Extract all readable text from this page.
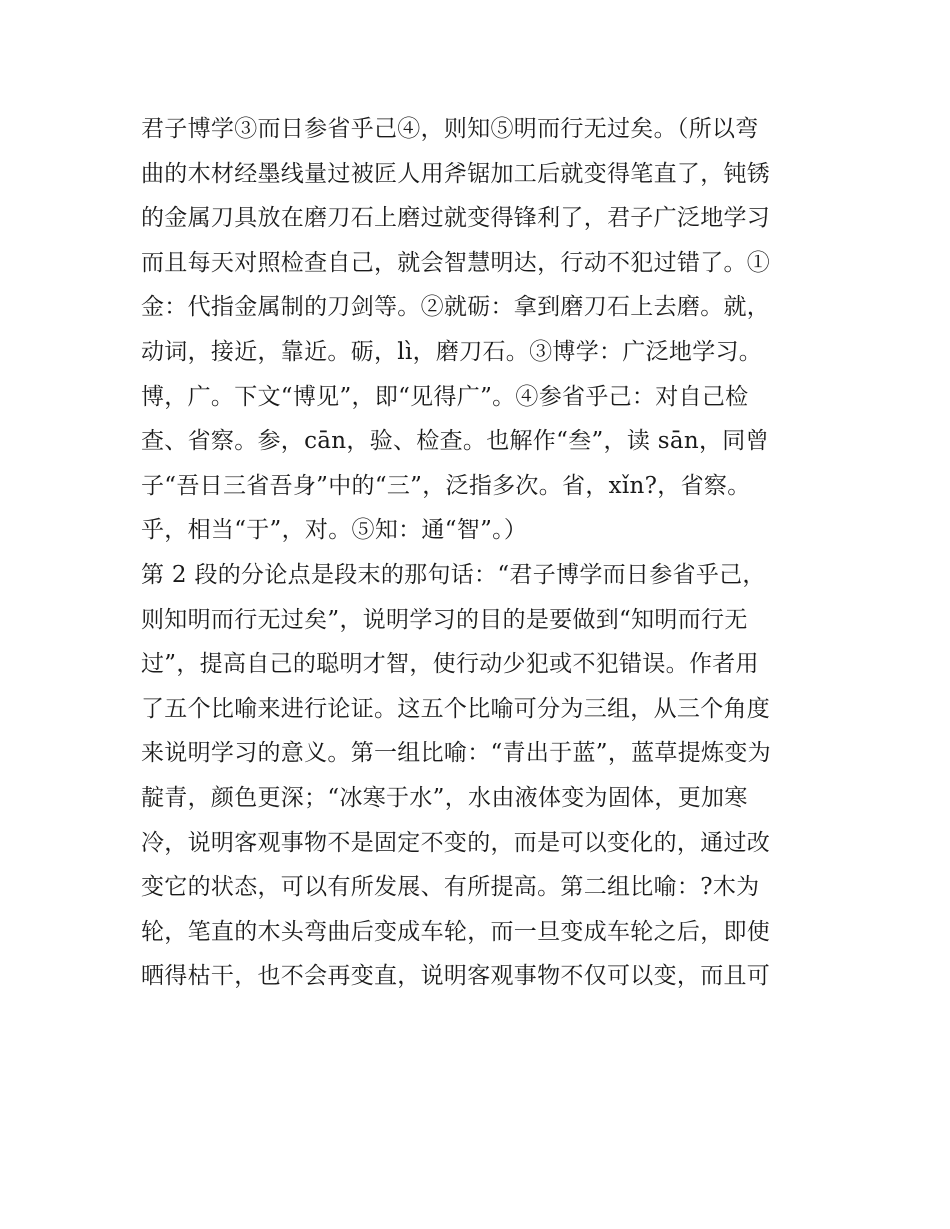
君子博学③而日参省乎己④，则知⑤明而行无过矣。（所以弯
曲的木材经墨线量过被匠人用斧锯加工后就变得笔直了，钝锈
的金属刀具放在磨刀石上磨过就变得锋利了，君子广泛地学习
而且每天对照检查自己，就会智慧明达，行动不犯过错了。①
金：代指金属制的刀剑等。②就砺：拿到磨刀石上去磨。就，
动词，接近，靠近。砺，lì，磨刀石。③博学：广泛地学习。
博，广。下文“博见”，即“见得广”。④参省乎己：对自己检
查、省察。参，cān，验、检查。也解作“叁”，读 sān，同曾
子“吾日三省吾身”中的“三”，泛指多次。省，xǐn?，省察。
乎，相当“于”，对。⑤知：通“智”。）
第 2 段的分论点是段末的那句话：“君子博学而日参省乎己，
则知明而行无过矣”，说明学习的目的是要做到“知明而行无
过”，提高自己的聪明才智，使行动少犯或不犯错误。作者用
了五个比喻来进行论证。这五个比喻可分为三组，从三个角度
来说明学习的意义。第一组比喻：“青出于蓝”，蓝草提炼变为
靛青，颜色更深；“冰寒于水”，水由液体变为固体，更加寒
冷，说明客观事物不是固定不变的，而是可以变化的，通过改
变它的状态，可以有所发展、有所提高。第二组比喻：?木为
轮，笔直的木头弯曲后变成车轮，而一旦变成车轮之后，即使
晒得枯干，也不会再变直，说明客观事物不仅可以变，而且可
